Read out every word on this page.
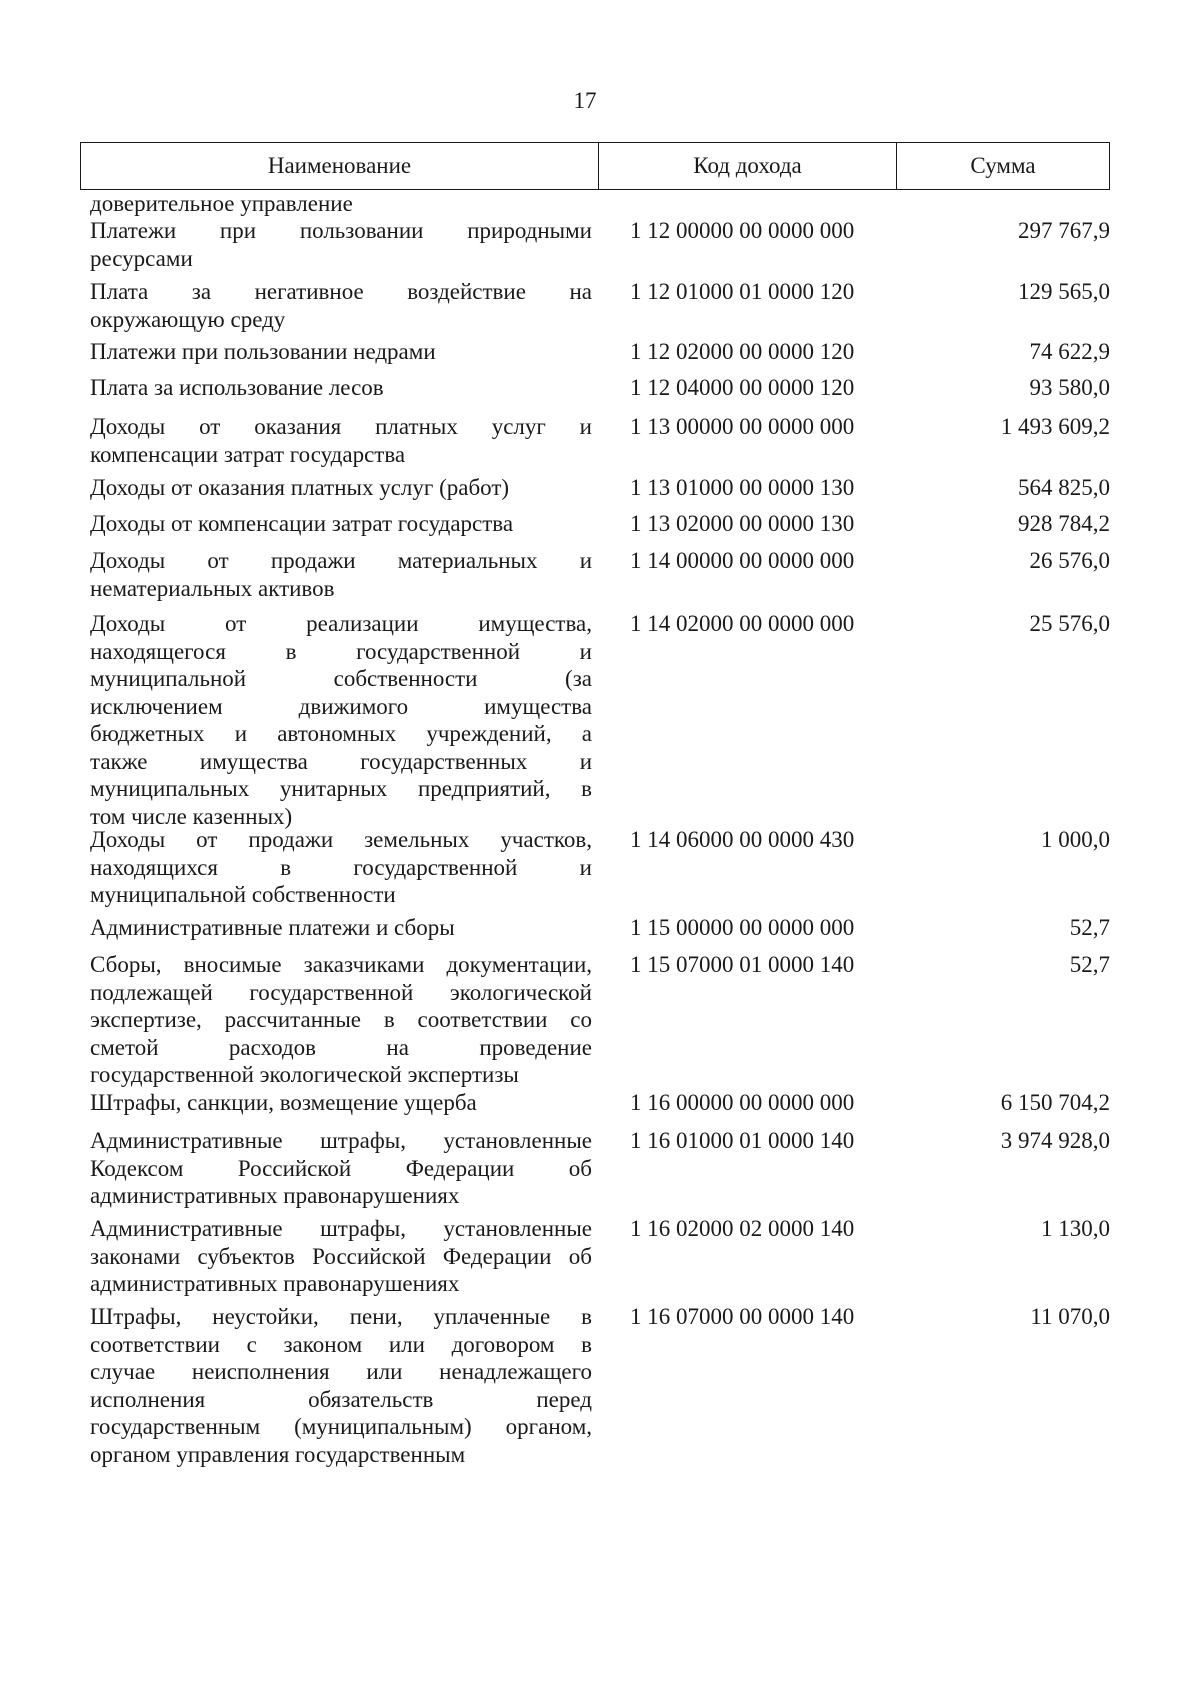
17
Наименование	Код дохода	Сумма
доверительное управление
Платежи при пользовании природными
ресурсами
1 12 00000 00 0000 000	297 767,9
Плата за негативное воздействие на
окружающую среду
1 12 01000 01 0000 120	129 565,0
Платежи при пользовании недрами	1 12 02000 00 0000 120	74 622,9
Плата за использование лесов	1 12 04000 00 0000 120	93 580,0
Доходы от оказания платных услуг и
компенсации затрат государства
1 13 00000 00 0000 000	1 493 609,2
Доходы от оказания платных услуг (работ)	1 13 01000 00 0000 130	564 825,0
Доходы от компенсации затрат государства	1 13 02000 00 0000 130	928 784,2
Доходы от продажи материальных и
нематериальных активов
1 14 00000 00 0000 000	26 576,0
Доходы от реализации имущества,
находящегося в государственной и
муниципальной собственности (за
исключением движимого имущества
бюджетных и автономных учреждений, а
также имущества государственных и
муниципальных унитарных предприятий, в
том числе казенных)
1 14 02000 00 0000 000	25 576,0
Доходы от продажи земельных участков,
находящихся в государственной и
муниципальной собственности
1 14 06000 00 0000 430	1 000,0
Административные платежи и сборы	1 15 00000 00 0000 000	52,7
Сборы, вносимые заказчиками документации,
подлежащей государственной экологической
экспертизе, рассчитанные в соответствии со
сметой расходов на проведение
государственной экологической экспертизы
1 15 07000 01 0000 140	52,7
Штрафы, санкции, возмещение ущерба	1 16 00000 00 0000 000	6 150 704,2
Административные штрафы, установленные
Кодексом Российской Федерации об
административных правонарушениях
1 16 01000 01 0000 140	3 974 928,0
Административные штрафы, установленные
законами субъектов Российской Федерации об
административных правонарушениях
1 16 02000 02 0000 140	1 130,0
Штрафы, неустойки, пени, уплаченные в
соответствии с законом или договором в
случае неисполнения или ненадлежащего
исполнения обязательств перед
государственным (муниципальным) органом,
органом управления государственным
1 16 07000 00 0000 140	11 070,0
